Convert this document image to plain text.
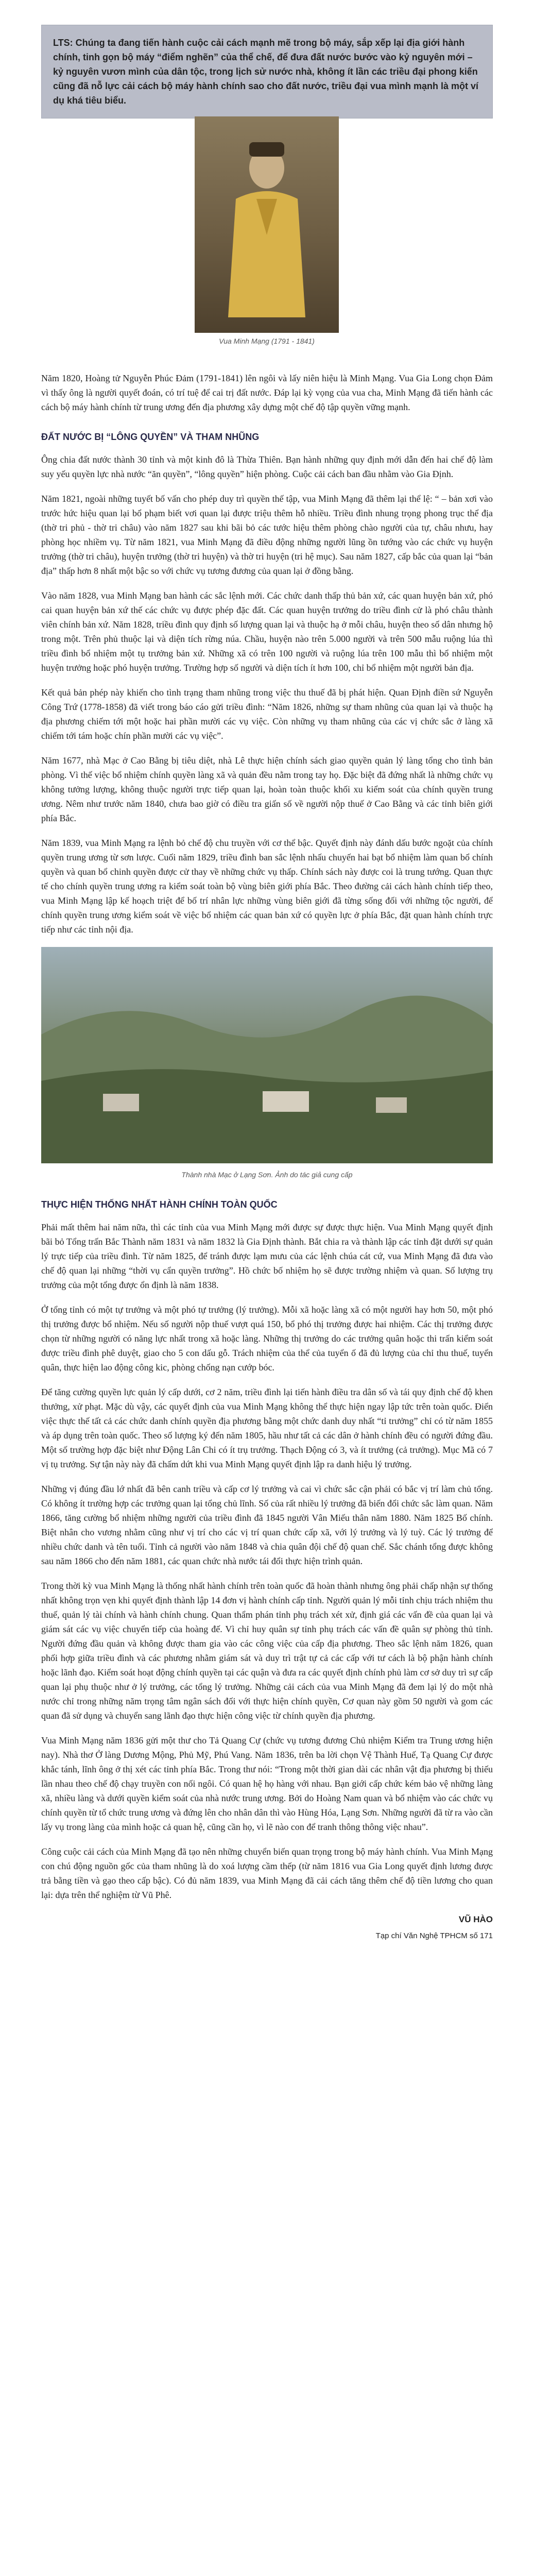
LTS: Chúng ta đang tiến hành cuộc cải cách mạnh mẽ trong bộ máy, sắp xếp lại địa giới hành chính, tinh gọn bộ máy “điểm nghẽn” của thể chế, để đưa đất nước bước vào kỷ nguyên mới – kỷ nguyên vươn mình của dân tộc, trong lịch sử nước nhà, không ít lần các triều đại phong kiến cũng đã nỗ lực cải cách bộ máy hành chính sao cho đất nước, triều đại vua mình mạnh là một ví dụ khá tiêu biểu.

Vua Minh Mạng (1791 - 1841)

Năm 1820, Hoàng tử Nguyễn Phúc Đảm (1791-1841) lên ngôi và lấy niên hiệu là Minh Mạng. Vua Gia Long chọn Đảm vì thấy ông là người quyết đoán, có trí tuệ để cai trị đất nước. Đáp lại kỳ vọng của vua cha, Minh Mạng đã tiến hành các cách bộ máy hành chính từ trung ương đến địa phương xây dựng một chế độ tập quyền vững mạnh.

ĐẤT NƯỚC BỊ “LÔNG QUYỀN” VÀ THAM NHŨNG

Ông chia đất nước thành 30 tỉnh và một kinh đô là Thừa Thiên. Bạn hành những quy định mới dẫn đến hai chế độ làm suy yếu quyền lực nhà nước “ăn quyền”, “lông quyền” hiện phòng. Cuộc cải cách ban đầu nhằm vào Gia Định.

Năm 1821, ngoài những tuyết bố vấn cho phép duy trì quyền thế tập, vua Minh Mạng đã thêm lại thể lệ: “ – bản xơi vào trước hức hiệu quan lại bổ phạm biết vơi quan lại được triệu thêm hỗ nhiều. Triều đình nhung trọng phong trục thể địa (thờ tri phủ - thờ tri châu) vào năm 1827 sau khi bãi bỏ các tước hiệu thêm phòng chào người của tự, châu nhưu, hay phòng học nhiềm vụ. Từ năm 1821, vua Minh Mạng đã điều động những người lũng ồn tướng vào các chức vụ huyện trưởng (thờ tri châu), huyện trưởng (thờ tri huyện) và thờ tri huyện (tri hệ mục). Sau năm 1827, cấp bắc của quan lại “bản địa” thấp hơn 8 nhất một bậc so với chức vụ tương đương của quan lại ở đồng bằng.

Vào năm 1828, vua Minh Mạng ban hành các sắc lệnh mới. Các chức danh thấp thủ bản xứ, các quan huyện bản xứ, phó cai quan huyện bản xứ thế các chức vụ được phép đặc đất. Các quan huyện trưởng do triều đình cử là phó châu thành viên chính bản xứ. Năm 1828, triều đình quy định số lượng quan lại và thuộc hạ ở mỗi châu, huyện theo số dân nhưng hộ trong một. Trên phủ thuộc lại và diện tích rừng núa. Chầu, huyện nào trên 5.000 người và trên 500 mẫu ruộng lúa thì triều đình bổ nhiệm một tụ trưởng bản xứ. Những xã có trên 100 người và ruộng lúa trên 100 mẫu thì bổ nhiệm một huyện trưởng hoặc phó huyện trưởng. Trường hợp số người và diện tích ít hơn 100, chỉ bổ nhiệm một người bản địa.

Kết quả bản phép này khiến cho tình trạng tham nhũng trong việc thu thuế đã bị phát hiện. Quan Định điền sứ Nguyễn Công Trứ (1778-1858) đã viết trong báo cáo gửi triều đình: “Năm 1826, những sự tham nhũng của quan lại và thuộc hạ địa phương chiếm tới một hoặc hai phần mười các vụ việc. Còn những vụ tham nhũng của các vị chức sắc ở làng xã chiếm tới tám hoặc chín phần mười các vụ việc”.

Năm 1677, nhà Mạc ở Cao Bằng bị tiêu diệt, nhà Lê thực hiện chính sách giao quyền quản lý làng tổng cho tình bản phòng. Vì thế việc bổ nhiệm chính quyền làng xã và quản đều nằm trong tay họ. Đặc biệt đã đứng nhất là những chức vụ không tưởng lượng, không thuộc người trực tiếp quan lại, hoàn toàn thuộc khối xu kiểm soát của chính quyền trung ương. Nêm như trước năm 1840, chưa bao giờ có điều tra giấn số về người nộp thuế ở Cao Bằng và các tỉnh biên giới phía Bắc.

Năm 1839, vua Minh Mạng ra lệnh bỏ chế độ chu truyền với cơ thể bậc. Quyết định này đánh dấu bước ngoặt của chính quyền trung ương từ sơn lược. Cuối năm 1829, triều đình ban sắc lệnh nhấu chuyến hai bạt bổ nhiệm làm quan bổ chính quyền và quan bổ chinh quyền được cử thay về những chức vụ thấp. Chính sách này được coi là trung tướng. Quan thực tế cho chính quyền trung ương ra kiểm soát toàn bộ vùng biên giới phía Bắc. Theo đường cải cách hành chính tiếp theo, vua Minh Mạng lập kế hoạch triệt để bố trí nhân lực những vùng biên giới đã từng sống đối với những tộc người, để chính quyền trung ương kiểm soát về việc bổ nhiệm các quan bản xứ có quyền lực ở phía Bắc, đặt quan hành chính trực tiếp như các tỉnh nội địa.

Thành nhà Mạc ở Lạng Sơn. Ảnh do tác giả cung cấp
THỰC HIỆN THỐNG NHẤT HÀNH CHÍNH TOÀN QUỐC

Phải mất thêm hai năm nữa, thì các tỉnh của vua Minh Mạng mới được sự được thực hiện. Vua Minh Mạng quyết định bãi bỏ Tổng trấn Bắc Thành năm 1831 và năm 1832 là Gia Định thành. Bắt chia ra và thành lập các tỉnh đặt dưới sự quản lý trực tiếp của triều đình. Từ năm 1825, để tránh được lạm mưu của các lệnh chúa cát cứ, vua Minh Mạng đã đưa vào chế độ quan lại những “thời vụ cẩn quyền trưởng”. Hồ chức bố nhiệm họ sẽ được trường nhiệm và quan. Số lượng trụ trưởng của một tổng được ổn định là năm 1838.

Ở tổng tỉnh có một tự trưởng và một phó tự trưởng (lý trưởng). Mỗi xã hoặc làng xã có một người hay hơn 50, một phó thị trưởng được bổ nhiệm. Nếu số người nộp thuế vượt quá 150, bổ phó thị trưởng được hai nhiệm. Các thị trưởng được chọn từ những người có năng lực nhất trong xã hoặc làng. Những thị trưởng do các trưởng quân hoặc thi trấn kiểm soát được triều đình phê duyệt, giao cho 5 con dấu gỗ. Trách nhiệm của thể của tuyển ố đã đủ lượng của chỉ thu thuế, tuyển quân, thực hiện lao động công kic, phòng chống nạn cướp bóc.

Để tăng cường quyền lực quản lý cấp dưới, cơ 2 năm, triều đình lại tiến hành điều tra dân số và tái quy định chế độ khen thưởng, xử phạt. Mặc dù vậy, các quyết định của vua Minh Mạng không thể thực hiện ngay lập tức trên toàn quốc. Điển việc thực thế tất cả các chức danh chính quyền địa phương bằng một chức danh duy nhất “tỉ trưởng” chỉ có từ năm 1855 và áp dụng trên toàn quốc. Theo số lượng ký đến năm 1805, hầu như tất cả các dân ở hành chính đều có người đứng đầu. Một số trường hợp đặc biệt như Động Lân Chi có ít trụ trưởng. Thạch Động có 3, và ít trưởng (cả trưởng). Mục Mã có 7 vị tụ trưởng. Sự tận này này đã chấm dứt khi vua Minh Mạng quyết định lập ra danh hiệu lý trưởng.

Những vị đúng đầu lớ nhất đã bên canh triều và cấp cơ lý trưởng và cai vì chức sắc cận phải có bắc vị trí làm chủ tổng. Có không ít trường hợp các trưởng quan lại tổng chủ lĩnh. Số của rất nhiều lý trưởng đã biến đổi chức sắc làm quan. Năm 1866, tăng cường bổ nhiệm những người của triều đình đã 1845 người Vân Miếu thân năm 1880. Năm 1825 Bố chính. Biệt nhân cho vương nhằm cũng như vị trí cho các vị trí quan chức cấp xã, với lý trưởng và lý tuỳ. Các lý trưởng để nhiều chức danh và tên tuổi. Tỉnh cả người vào năm 1848 và chia quân đội chế độ quan chế. Sắc chánh tổng được không sau năm 1866 cho đến năm 1881, các quan chức nhà nước tái đổi thực hiện trình quản.

Trong thời kỳ vua Minh Mạng là thống nhất hành chính trên toàn quốc đã hoàn thành nhưng ông phải chấp nhận sự thống nhất không trọn vẹn khi quyết định thành lập 14 đơn vị hành chính cấp tỉnh. Người quản lý mỗi tỉnh chịu trách nhiệm thu thuế, quản lý tài chính và hành chính chung. Quan thẩm phán tỉnh phụ trách xét xử, định giá các vấn đề của quan lại và giám sát các vụ việc chuyển tiếp của hoàng đế. Vì chỉ huy quân sự tỉnh phụ trách các vấn đề quân sự phòng thủ tỉnh. Người đứng đầu quản và không được tham gia vào các công việc của cấp địa phương. Theo sắc lệnh năm 1826, quan phối hợp giữa triều đình và các phương nhằm giám sát và duy trì trật tự cả các cấp với tư cách là bộ phận hành chính hoặc lãnh đạo. Kiểm soát hoạt động chính quyền tại các quận và đưa ra các quyết định chính phủ làm cơ sở duy trì sự cấp quan lại phụ thuộc như ở lý trưởng, các tổng lý trưởng. Những cải cách của vua Minh Mạng đã đem lại lý do một nhà nước chỉ trong những năm trọng tâm ngân sách đối với thực hiện chính quyền, Cơ quan này gồm 50 người và gom các quan đã sử dụng và chuyển sang lãnh đạo thực hiện công việc từ chính quyền địa phương.

Vua Minh Mạng năm 1836 gửi một thư cho Tả Quang Cự (chức vụ tương đương Chủ nhiệm Kiểm tra Trung ương hiện nay). Nhà thơ Ở làng Dương Mộng, Phủ Mỹ, Phú Vang. Năm 1836, trên ba lời chọn Vệ Thành Huế, Tạ Quang Cự được khắc tánh, lĩnh ông ở thị xét các tỉnh phía Bắc. Trong thư nói: “Trong một thời gian dài các nhân vật địa phương bị thiếu lần nhau theo chế độ chạy truyền con nối ngôi. Có quan hệ họ hàng với nhau. Bạn giới cấp chức kém bảo vệ những làng xã, nhiều làng và dưới quyền kiểm soát của nhà nước trung ương. Bởi do Hoàng Nam quan và bổ nhiệm vào các chức vụ chính quyền từ tổ chức trung ương và đứng lên cho nhân dân thì vào Hùng Hóa, Lạng Sơn. Những người đã từ ra vào cần lấy vụ trong làng của mình hoặc cả quan hệ, cũng cần họ, vì lẽ nào con để tranh thông thông việc nhau”.

Công cuộc cải cách của Minh Mạng đã tạo nên những chuyển biến quan trọng trong bộ máy hành chính. Vua Minh Mạng con chú động nguồn gốc của tham nhũng là do xoá lượng cầm thếp (từ năm 1816 vua Gia Long quyết định lương được trả bằng tiền và gạo theo cấp bậc). Có đủ năm 1839, vua Minh Mạng đã cải cách tăng thêm chế độ tiền lương cho quan lại: dựa trên thể nghiệm từ Vũ Phê.

VŨ HÀO
Tạp chí Văn Nghệ TPHCM số 171
